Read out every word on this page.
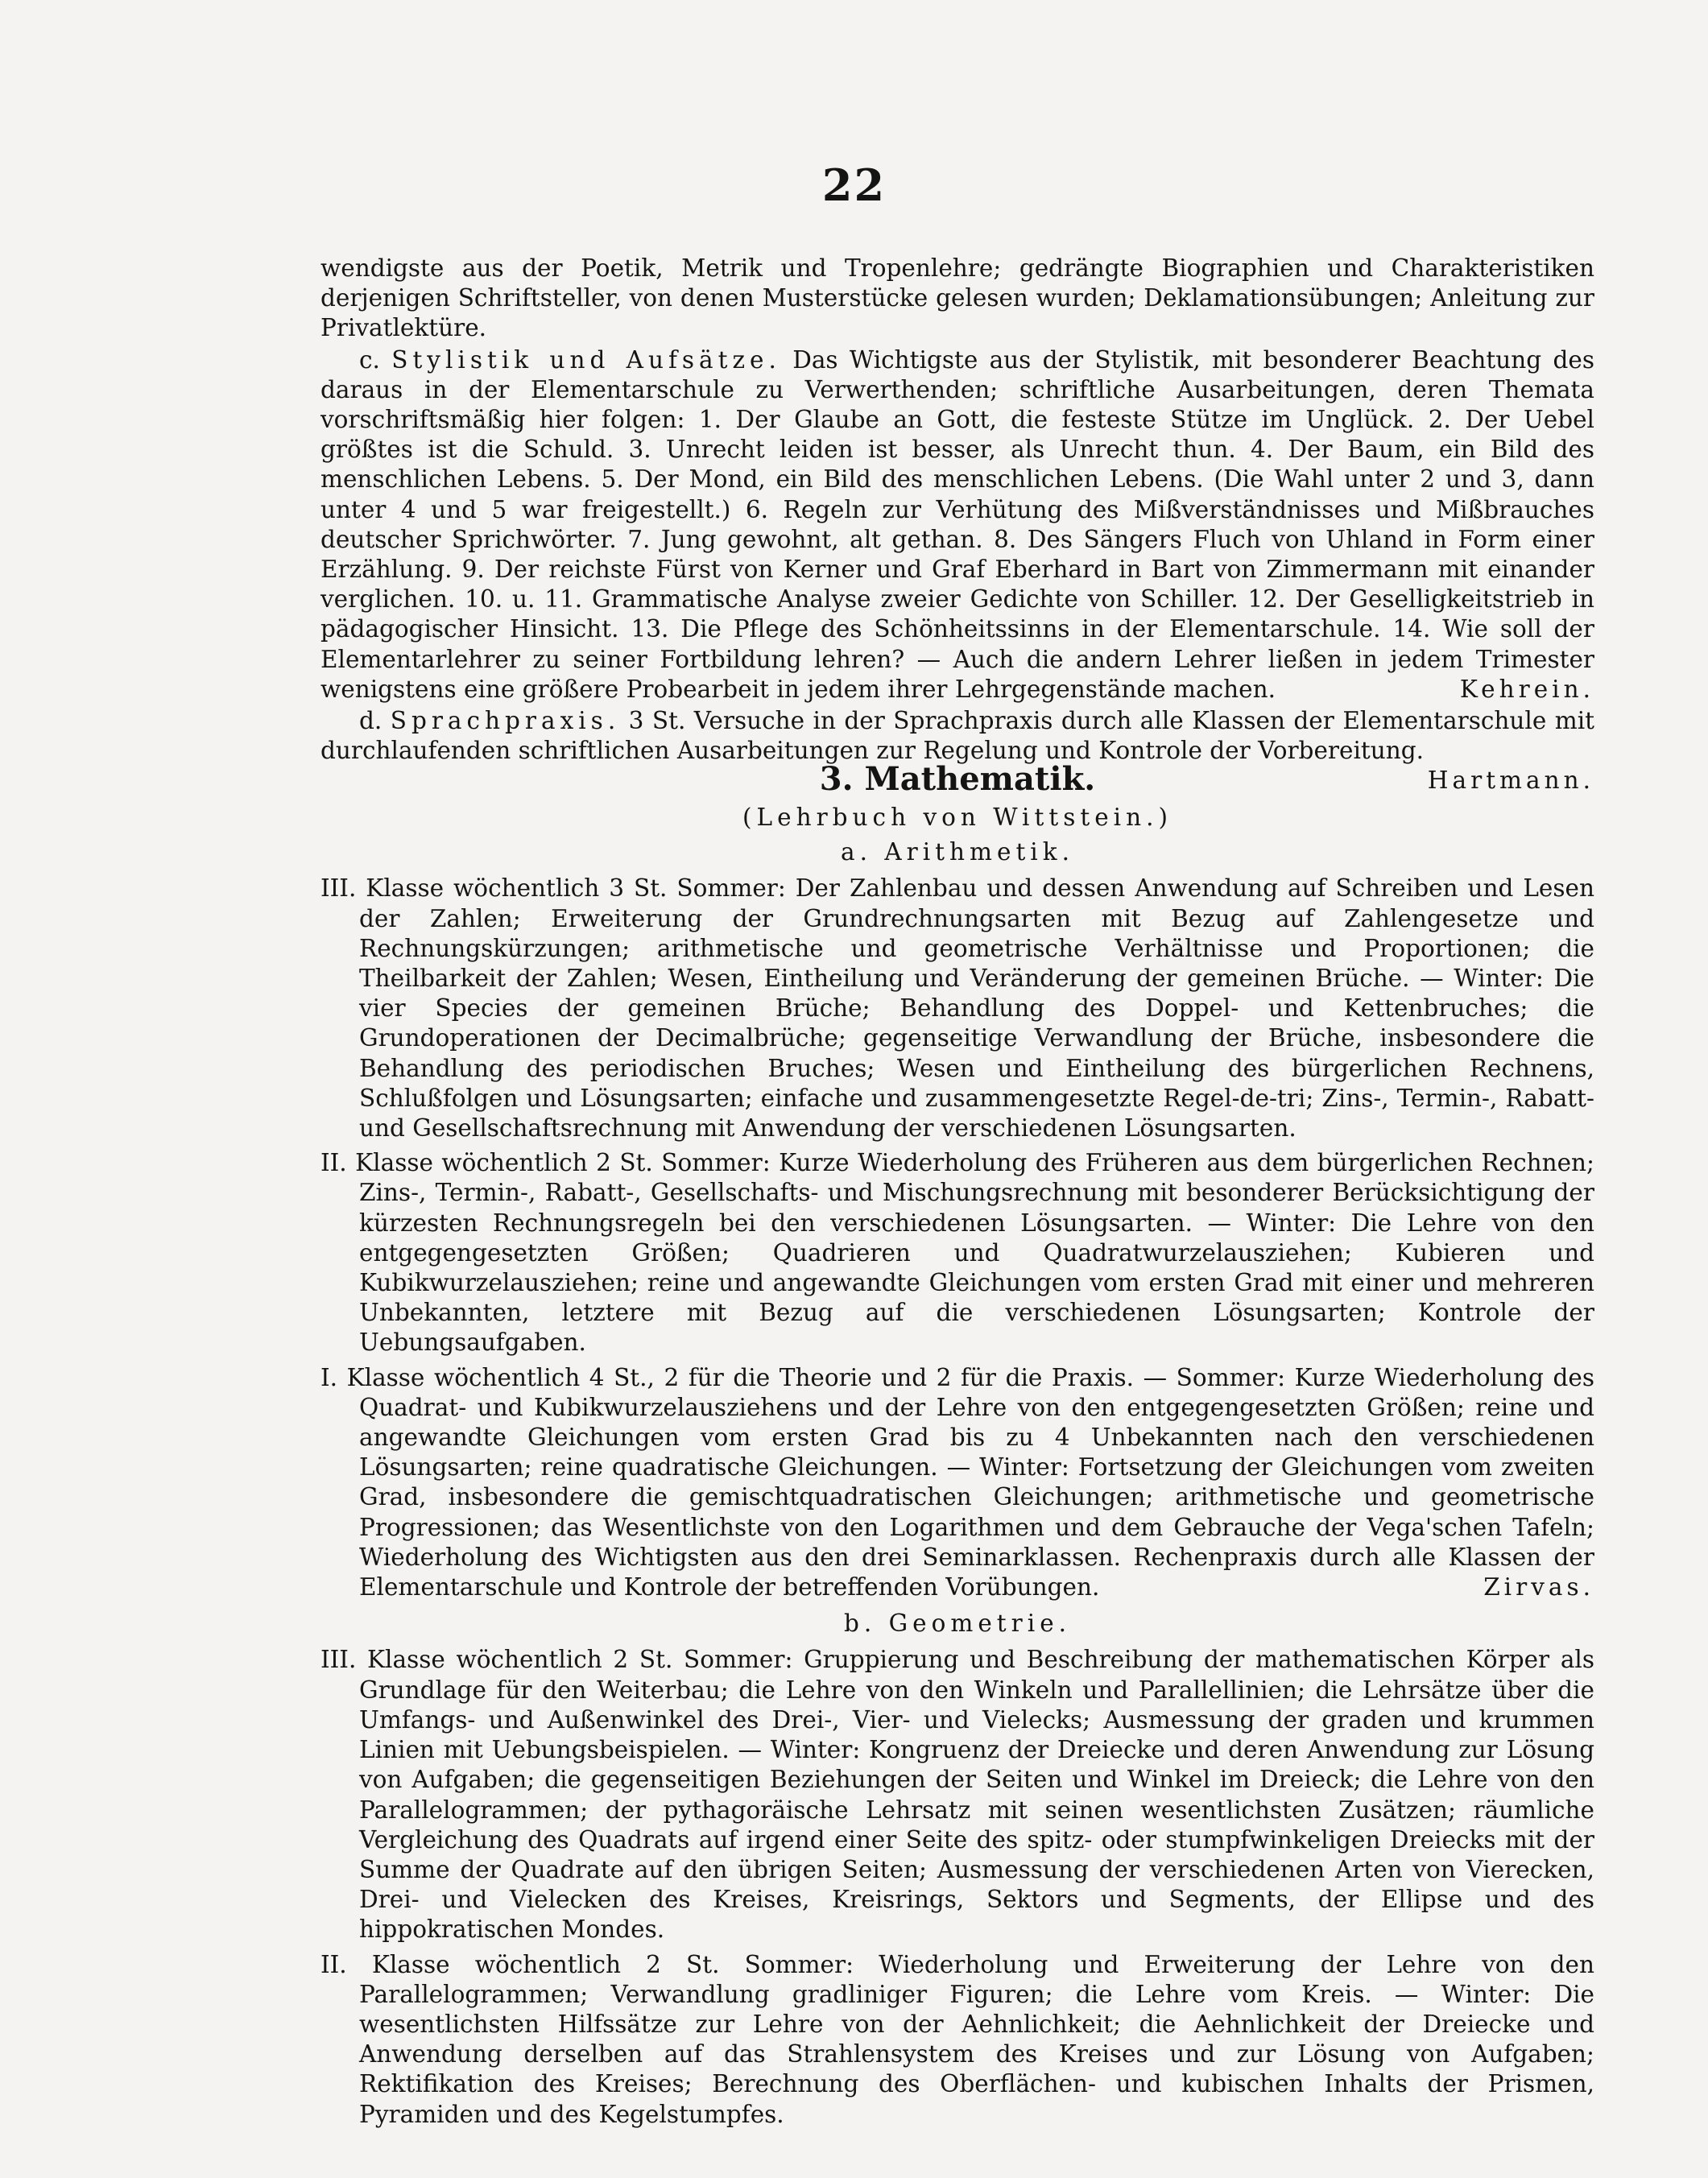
22

wendigste aus der Poetik, Metrik und Tropenlehre; gedrängte Biographien und Charakteristiken derjenigen Schriftsteller, von denen Musterstücke gelesen wurden; Deklamationsübungen; Anleitung zur Privatlektüre.

c. Stylistik und Aufsätze. Das Wichtigste aus der Stylistik, mit besonderer Beachtung des daraus in der Elementarschule zu Verwerthenden; schriftliche Ausarbeitungen, deren Themata vorschriftsmäßig hier folgen: 1. Der Glaube an Gott, die festeste Stütze im Unglück. 2. Der Uebel größtes ist die Schuld. 3. Unrecht leiden ist besser, als Unrecht thun. 4. Der Baum, ein Bild des menschlichen Lebens. 5. Der Mond, ein Bild des menschlichen Lebens. (Die Wahl unter 2 und 3, dann unter 4 und 5 war freigestellt.) 6. Regeln zur Verhütung des Mißverständnisses und Mißbrauches deutscher Sprichwörter. 7. Jung gewohnt, alt gethan. 8. Des Sängers Fluch von Uhland in Form einer Erzählung. 9. Der reichste Fürst von Kerner und Graf Eberhard in Bart von Zimmermann mit einander verglichen. 10. u. 11. Grammatische Analyse zweier Gedichte von Schiller. 12. Der Geselligkeitstrieb in pädagogischer Hinsicht. 13. Die Pflege des Schönheitssinns in der Elementarschule. 14. Wie soll der Elementarlehrer zu seiner Fortbildung lehren? — Auch die andern Lehrer ließen in jedem Trimester wenigstens eine größere Probearbeit in jedem ihrer Lehrgegenstände machen.	Kehrein.

d. Sprachpraxis. 3 St. Versuche in der Sprachpraxis durch alle Klassen der Elementarschule mit durchlaufenden schriftlichen Ausarbeitungen zur Regelung und Kontrole der Vorbereitung.
Hartmann.

3. Mathematik.
(Lehrbuch von Wittstein.)
a. Arithmetik.

III. Klasse wöchentlich 3 St. Sommer: Der Zahlenbau und dessen Anwendung auf Schreiben und Lesen der Zahlen; Erweiterung der Grundrechnungsarten mit Bezug auf Zahlengesetze und Rechnungskürzungen; arithmetische und geometrische Verhältnisse und Proportionen; die Theilbarkeit der Zahlen; Wesen, Eintheilung und Veränderung der gemeinen Brüche. — Winter: Die vier Species der gemeinen Brüche; Behandlung des Doppel- und Kettenbruches; die Grundoperationen der Decimalbrüche; gegenseitige Verwandlung der Brüche, insbesondere die Behandlung des periodischen Bruches; Wesen und Eintheilung des bürgerlichen Rechnens, Schlußfolgen und Lösungsarten; einfache und zusammengesetzte Regel-de-tri; Zins-, Termin-, Rabatt- und Gesellschaftsrechnung mit Anwendung der verschiedenen Lösungsarten.

II. Klasse wöchentlich 2 St. Sommer: Kurze Wiederholung des Früheren aus dem bürgerlichen Rechnen; Zins-, Termin-, Rabatt-, Gesellschafts- und Mischungsrechnung mit besonderer Berücksichtigung der kürzesten Rechnungsregeln bei den verschiedenen Lösungsarten. — Winter: Die Lehre von den entgegengesetzten Größen; Quadrieren und Quadratwurzelausziehen; Kubieren und Kubikwurzelausziehen; reine und angewandte Gleichungen vom ersten Grad mit einer und mehreren Unbekannten, letztere mit Bezug auf die verschiedenen Lösungsarten; Kontrole der Uebungsaufgaben.

I. Klasse wöchentlich 4 St., 2 für die Theorie und 2 für die Praxis. — Sommer: Kurze Wiederholung des Quadrat- und Kubikwurzelausziehens und der Lehre von den entgegengesetzten Größen; reine und angewandte Gleichungen vom ersten Grad bis zu 4 Unbekannten nach den verschiedenen Lösungsarten; reine quadratische Gleichungen. — Winter: Fortsetzung der Gleichungen vom zweiten Grad, insbesondere die gemischtquadratischen Gleichungen; arithmetische und geometrische Progressionen; das Wesentlichste von den Logarithmen und dem Gebrauche der Vega'schen Tafeln; Wiederholung des Wichtigsten aus den drei Seminarklassen. Rechenpraxis durch alle Klassen der Elementarschule und Kontrole der betreffenden Vorübungen.	Zirvas.

b. Geometrie.

III. Klasse wöchentlich 2 St. Sommer: Gruppierung und Beschreibung der mathematischen Körper als Grundlage für den Weiterbau; die Lehre von den Winkeln und Parallellinien; die Lehrsätze über die Umfangs- und Außenwinkel des Drei-, Vier- und Vielecks; Ausmessung der graden und krummen Linien mit Uebungsbeispielen. — Winter: Kongruenz der Dreiecke und deren Anwendung zur Lösung von Aufgaben; die gegenseitigen Beziehungen der Seiten und Winkel im Dreieck; die Lehre von den Parallelogrammen; der pythagoräische Lehrsatz mit seinen wesentlichsten Zusätzen; räumliche Vergleichung des Quadrats auf irgend einer Seite des spitz- oder stumpfwinkeligen Dreiecks mit der Summe der Quadrate auf den übrigen Seiten; Ausmessung der verschiedenen Arten von Vierecken, Drei- und Vielecken des Kreises, Kreisrings, Sektors und Segments, der Ellipse und des hippokratischen Mondes.

II. Klasse wöchentlich 2 St. Sommer: Wiederholung und Erweiterung der Lehre von den Parallelogrammen; Verwandlung gradliniger Figuren; die Lehre vom Kreis. — Winter: Die wesentlichsten Hilfssätze zur Lehre von der Aehnlichkeit; die Aehnlichkeit der Dreiecke und Anwendung derselben auf das Strahlensystem des Kreises und zur Lösung von Aufgaben; Rektifikation des Kreises; Berechnung des Oberflächen- und kubischen Inhalts der Prismen, Pyramiden und des Kegelstumpfes.
